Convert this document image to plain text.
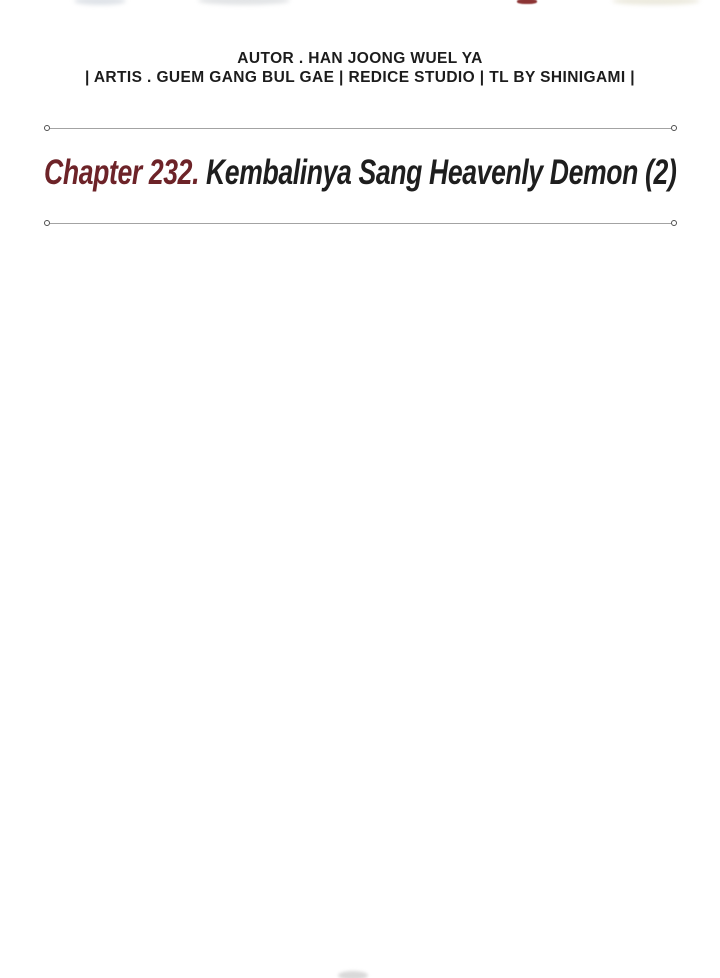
AUTOR . HAN JOONG WUEL YA
| ARTIS . GUEM GANG BUL GAE | REDICE STUDIO | TL BY SHINIGAMI |
Chapter 232. Kembalinya Sang Heavenly Demon (2)
